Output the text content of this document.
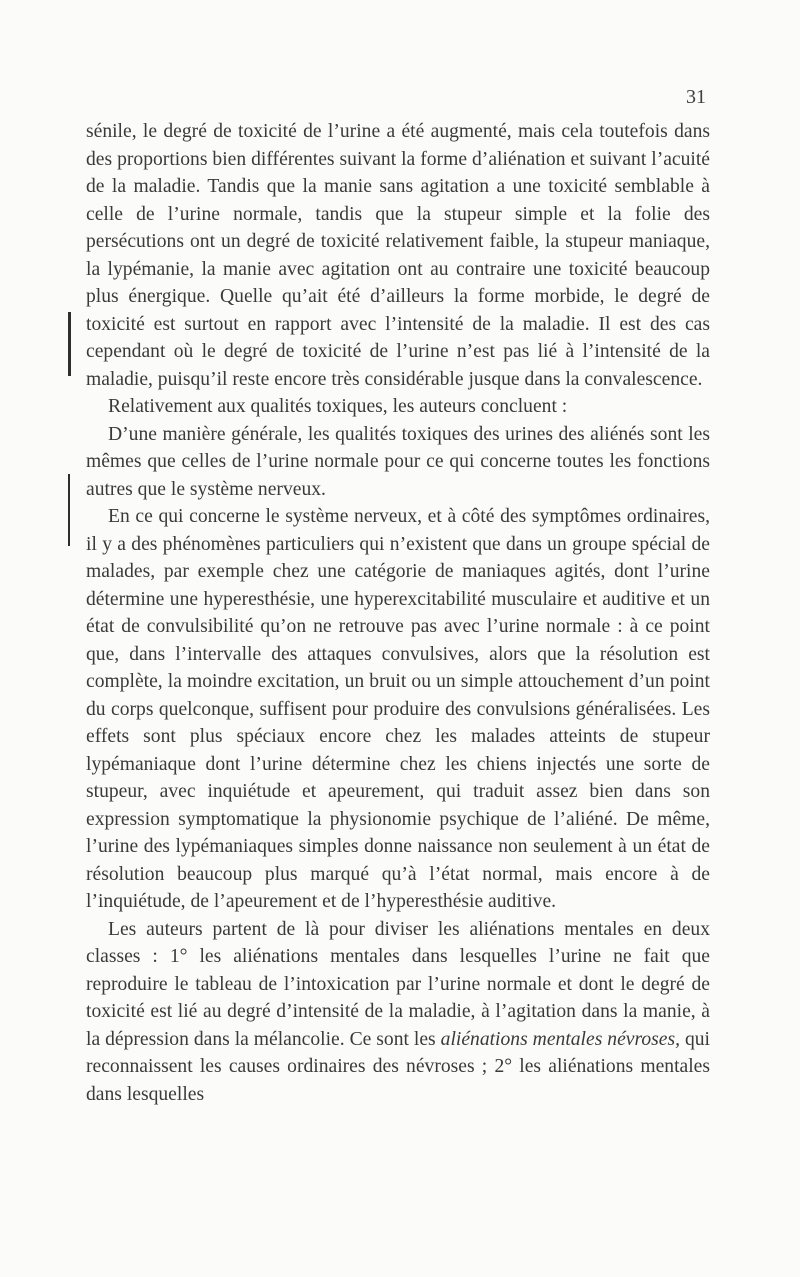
31

sénile, le degré de toxicité de l’urine a été augmenté, mais cela toutefois dans des proportions bien différentes suivant la forme d’aliénation et suivant l’acuité de la maladie. Tandis que la manie sans agitation a une toxicité semblable à celle de l’urine normale, tandis que la stupeur simple et la folie des persécutions ont un degré de toxicité relativement faible, la stupeur maniaque, la lypémanie, la manie avec agitation ont au contraire une toxicité beaucoup plus énergique. Quelle qu’ait été d’ailleurs la forme morbide, le degré de toxicité est surtout en rapport avec l’intensité de la maladie. Il est des cas cependant où le degré de toxicité de l’urine n’est pas lié à l’intensité de la maladie, puisqu’il reste encore très considérable jusque dans la convalescence.

Relativement aux qualités toxiques, les auteurs concluent :

D’une manière générale, les qualités toxiques des urines des aliénés sont les mêmes que celles de l’urine normale pour ce qui concerne toutes les fonctions autres que le système nerveux.

En ce qui concerne le système nerveux, et à côté des symptômes ordinaires, il y a des phénomènes particuliers qui n’existent que dans un groupe spécial de malades, par exemple chez une catégorie de maniaques agités, dont l’urine détermine une hyperesthésie, une hyperexcitabilité musculaire et auditive et un état de convulsibilité qu’on ne retrouve pas avec l’urine normale : à ce point que, dans l’intervalle des attaques convulsives, alors que la résolution est complète, la moindre excitation, un bruit ou un simple attouchement d’un point du corps quelconque, suffisent pour produire des convulsions généralisées. Les effets sont plus spéciaux encore chez les malades atteints de stupeur lypémaniaque dont l’urine détermine chez les chiens injectés une sorte de stupeur, avec inquiétude et apeurement, qui traduit assez bien dans son expression symptomatique la physionomie psychique de l’aliéné. De même, l’urine des lypémaniaques simples donne naissance non seulement à un état de résolution beaucoup plus marqué qu’à l’état normal, mais encore à de l’inquiétude, de l’apeurement et de l’hyperesthésie auditive.

Les auteurs partent de là pour diviser les aliénations mentales en deux classes : 1° les aliénations mentales dans lesquelles l’urine ne fait que reproduire le tableau de l’intoxication par l’urine normale et dont le degré de toxicité est lié au degré d’intensité de la maladie, à l’agitation dans la manie, à la dépression dans la mélancolie. Ce sont les aliénations mentales névroses, qui reconnaissent les causes ordinaires des névroses ; 2° les aliénations mentales dans lesquelles
